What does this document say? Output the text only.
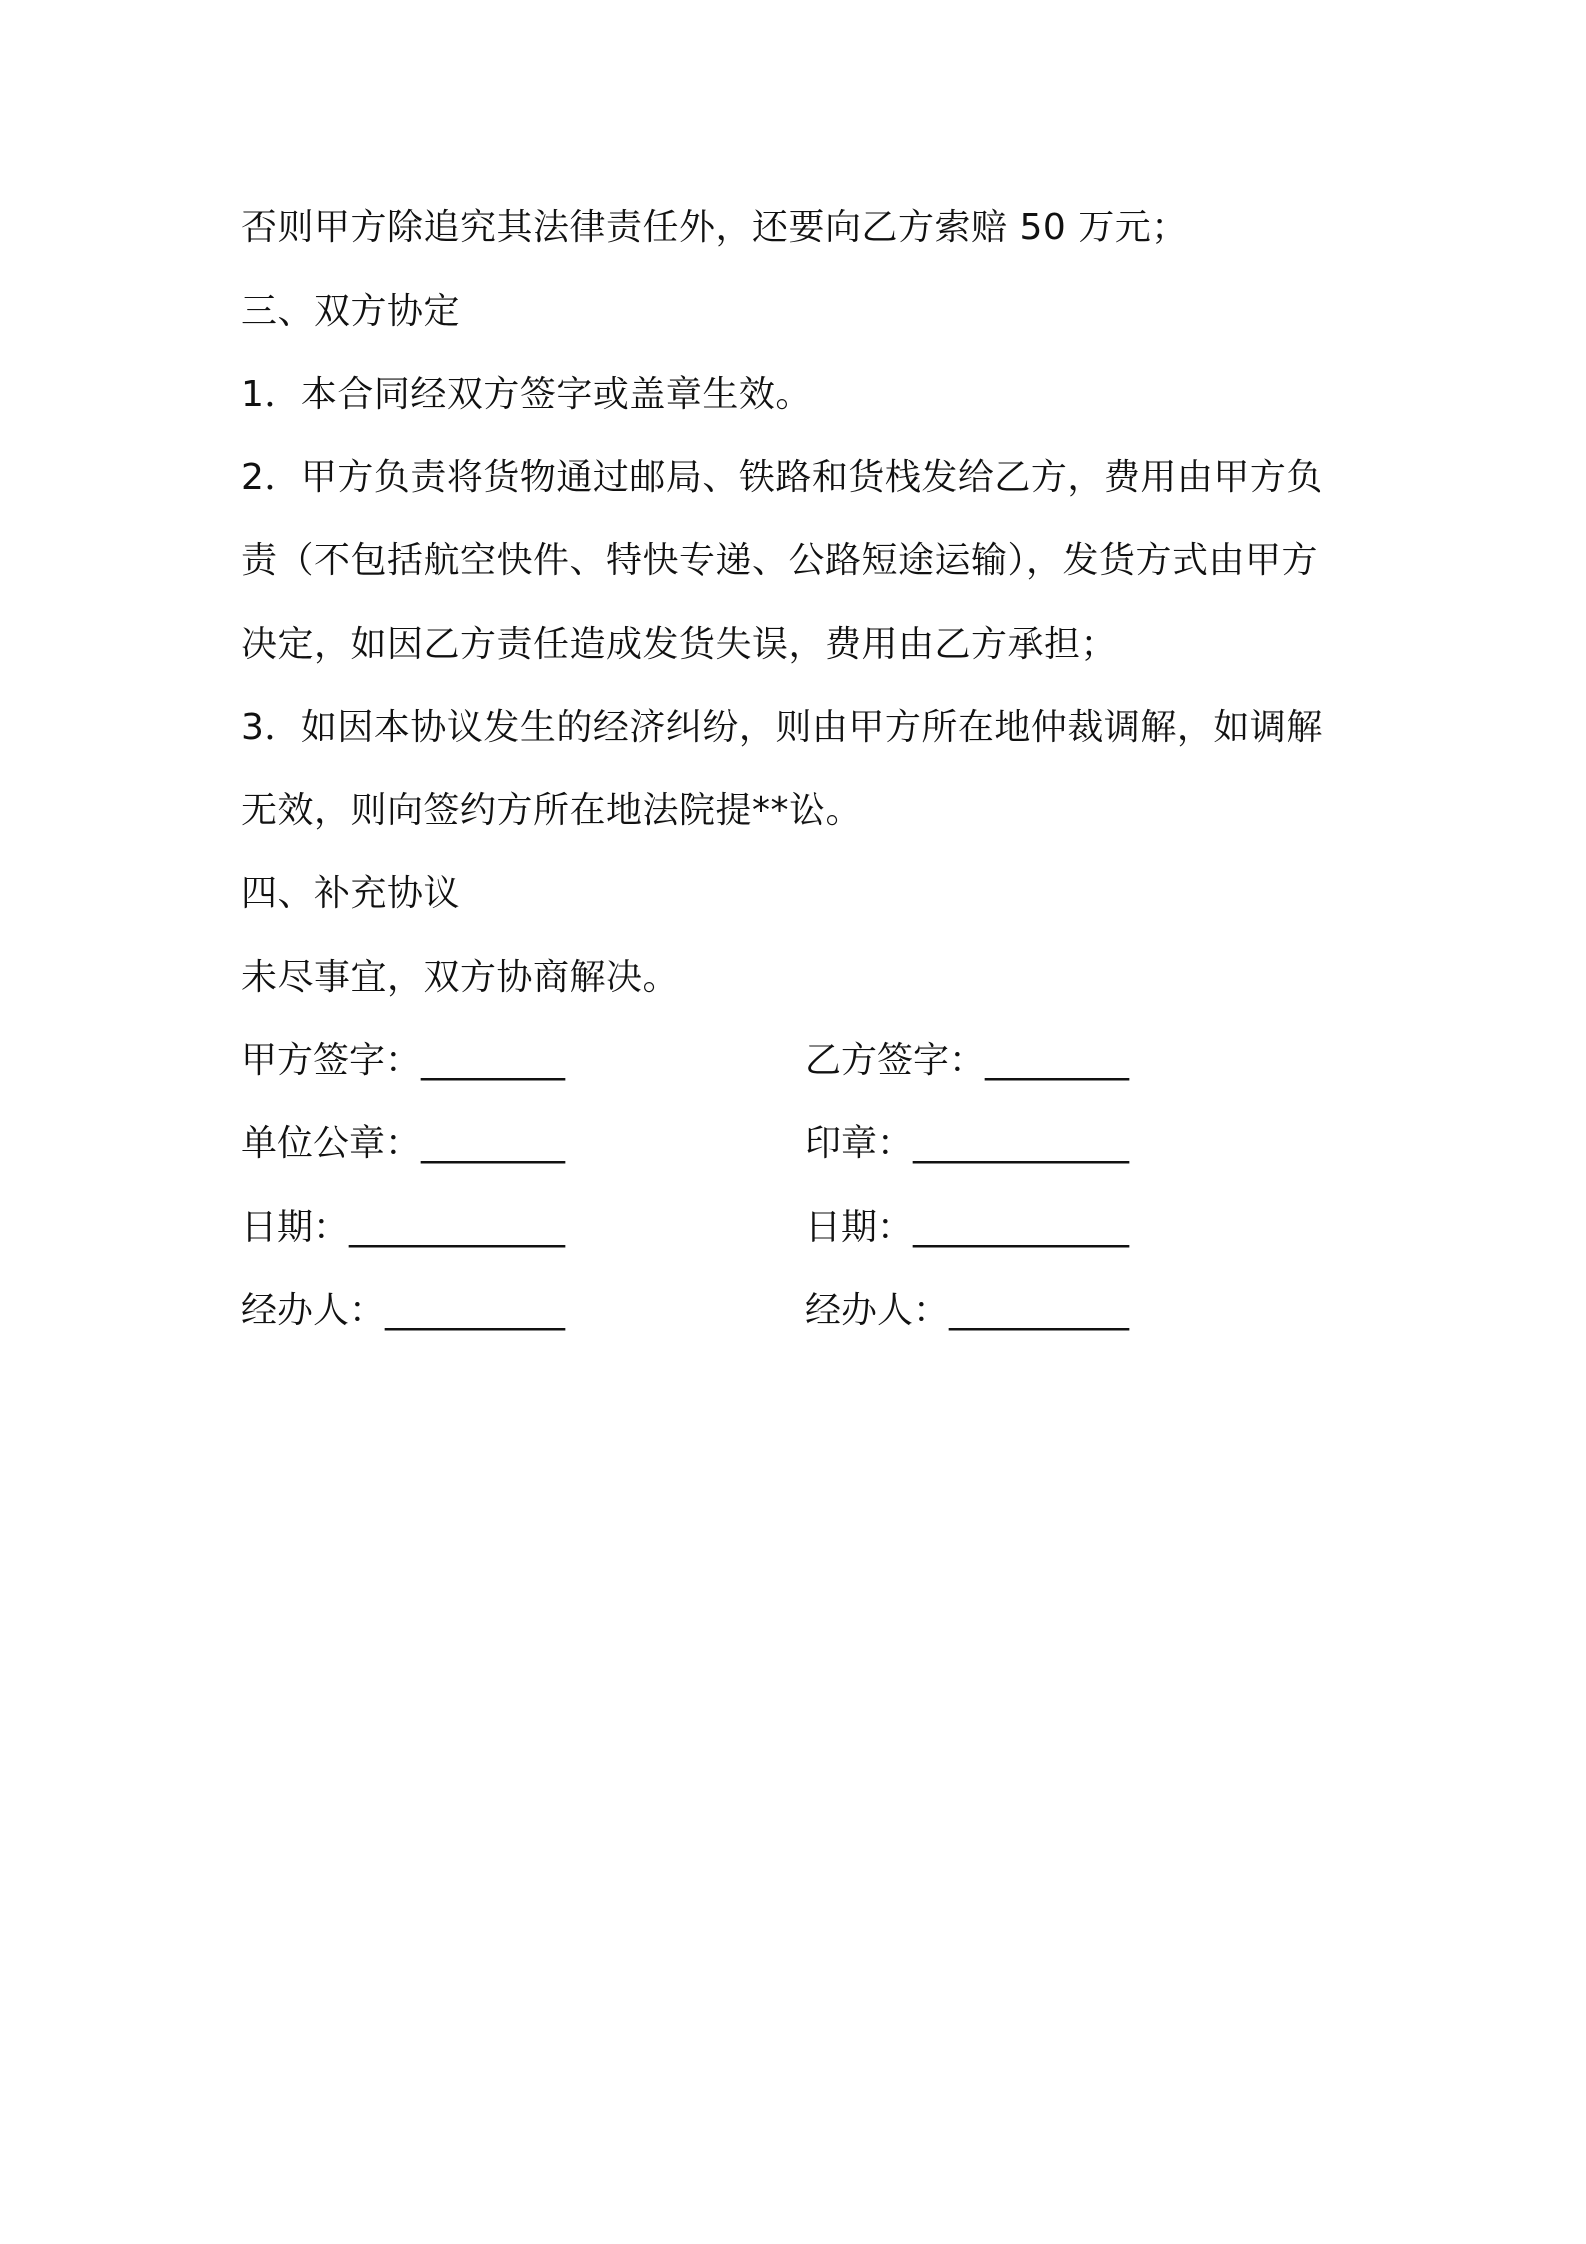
否则甲方除追究其法律责任外，还要向乙方索赔 50 万元；
三、双方协定
1．本合同经双方签字或盖章生效。
2．甲方负责将货物通过邮局、铁路和货栈发给乙方，费用由甲方负
责（不包括航空快件、特快专递、公路短途运输），发货方式由甲方
决定，如因乙方责任造成发货失误，费用由乙方承担；
3．如因本协议发生的经济纠纷，则由甲方所在地仲裁调解，如调解
无效，则向签约方所在地法院提**讼。
四、补充协议
未尽事宜，双方协商解决。
甲方签字：________	乙方签字：________
单位公章：________	印章：____________
日期：____________	日期：____________
经办人：__________	经办人：__________
